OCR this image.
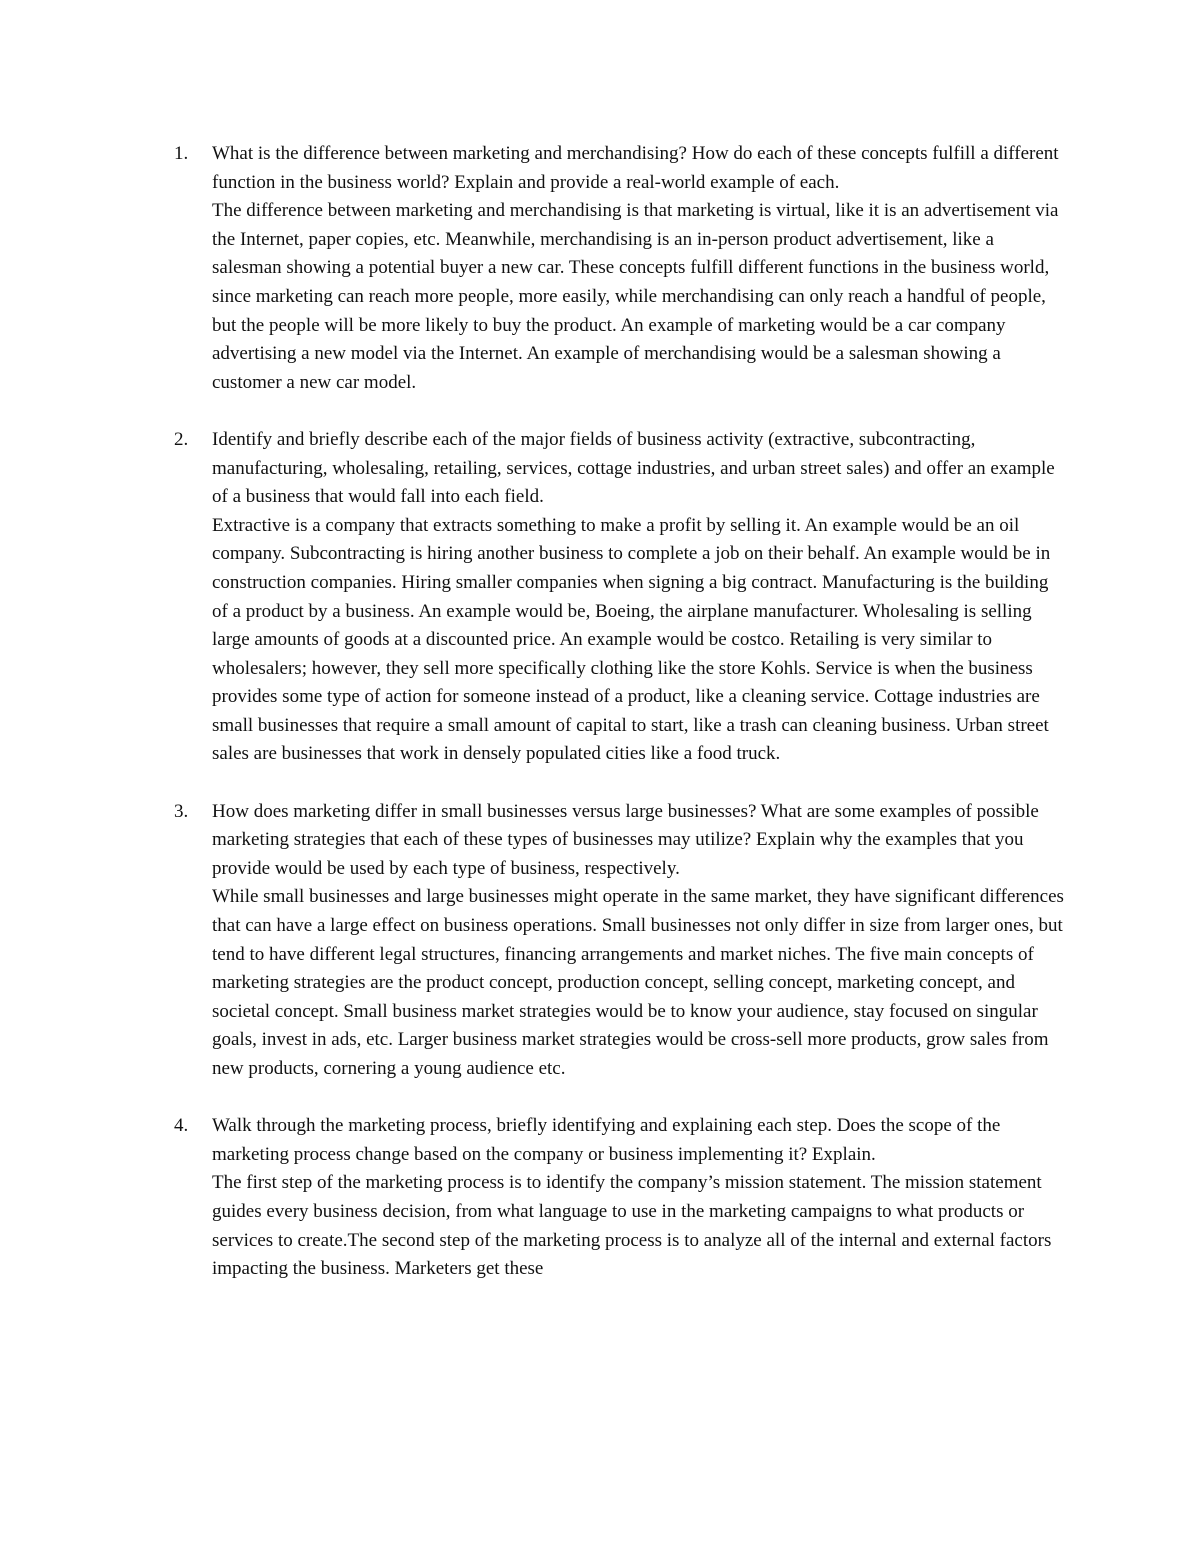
1.	What is the difference between marketing and merchandising? How do each of these concepts fulfill a different function in the business world? Explain and provide a real-world example of each.
The difference between marketing and merchandising is that marketing is virtual, like it is an advertisement via the Internet, paper copies, etc. Meanwhile, merchandising is an in-person product advertisement, like a salesman showing a potential buyer a new car. These concepts fulfill different functions in the business world, since marketing can reach more people, more easily, while merchandising can only reach a handful of people, but the people will be more likely to buy the product. An example of marketing would be a car company advertising a new model via the Internet. An example of merchandising would be a salesman showing a customer a new car model.
2.	Identify and briefly describe each of the major fields of business activity (extractive, subcontracting, manufacturing, wholesaling, retailing, services, cottage industries, and urban street sales) and offer an example of a business that would fall into each field.
Extractive is a company that extracts something to make a profit by selling it. An example would be an oil company. Subcontracting is hiring another business to complete a job on their behalf. An example would be in construction companies. Hiring smaller companies when signing a big contract. Manufacturing is the building of a product by a business. An example would be, Boeing, the airplane manufacturer. Wholesaling is selling large amounts of goods at a discounted price. An example would be costco. Retailing is very similar to wholesalers; however, they sell more specifically clothing like the store Kohls. Service is when the business provides some type of action for someone instead of a product, like a cleaning service. Cottage industries are small businesses that require a small amount of capital to start, like a trash can cleaning business. Urban street sales are businesses that work in densely populated cities like a food truck.
3.	How does marketing differ in small businesses versus large businesses? What are some examples of possible marketing strategies that each of these types of businesses may utilize? Explain why the examples that you provide would be used by each type of business, respectively.
While small businesses and large businesses might operate in the same market, they have significant differences that can have a large effect on business operations. Small businesses not only differ in size from larger ones, but tend to have different legal structures, financing arrangements and market niches. The five main concepts of marketing strategies are the product concept, production concept, selling concept, marketing concept, and societal concept. Small business market strategies would be to know your audience, stay focused on singular goals, invest in ads, etc. Larger business market strategies would be cross-sell more products, grow sales from new products, cornering a young audience etc.
4.	Walk through the marketing process, briefly identifying and explaining each step. Does the scope of the marketing process change based on the company or business implementing it? Explain.
The first step of the marketing process is to identify the company’s mission statement. The mission statement guides every business decision, from what language to use in the marketing campaigns to what products or services to create.The second step of the marketing process is to analyze all of the internal and external factors impacting the business. Marketers get these
